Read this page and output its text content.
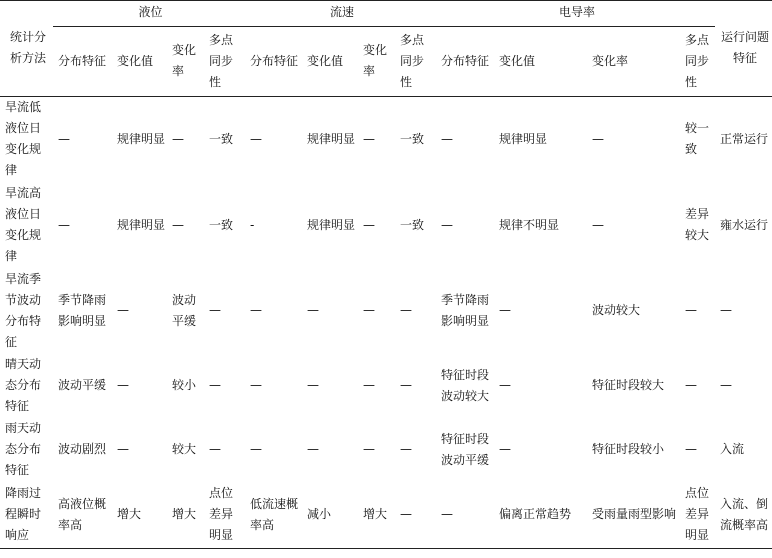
统计分析方法	液位				流速				电导率				运行问题特征
	分布特征	变化值	变化率	多点同步性	分布特征	变化值	变化率	多点同步性	分布特征	变化值	变化率	多点同步性	
旱流低液位日变化规律	—	规律明显	—	一致	—	规律明显	—	一致	—	规律明显	—	较一致	正常运行
旱流高液位日变化规律	—	规律明显	—	一致	-	规律明显	—	一致	—	规律不明显	—	差异较大	雍水运行
旱流季节波动分布特征	季节降雨影响明显	—	波动平缓	—	—	—	—	—	季节降雨影响明显	—	波动较大	—	—
晴天动态分布特征	波动平缓	—	较小	—	—	—	—	—	特征时段波动较大	—	特征时段较大	—	—
雨天动态分布特征	波动剧烈	—	较大	—	—	—	—	—	特征时段波动平缓	—	特征时段较小	—	入流
降雨过程瞬时响应	高液位概率高	增大	增大	点位差异明显	低流速概率高	减小	增大	—	—	偏离正常趋势	受雨量雨型影响	点位差异明显	入流、倒流概率高
